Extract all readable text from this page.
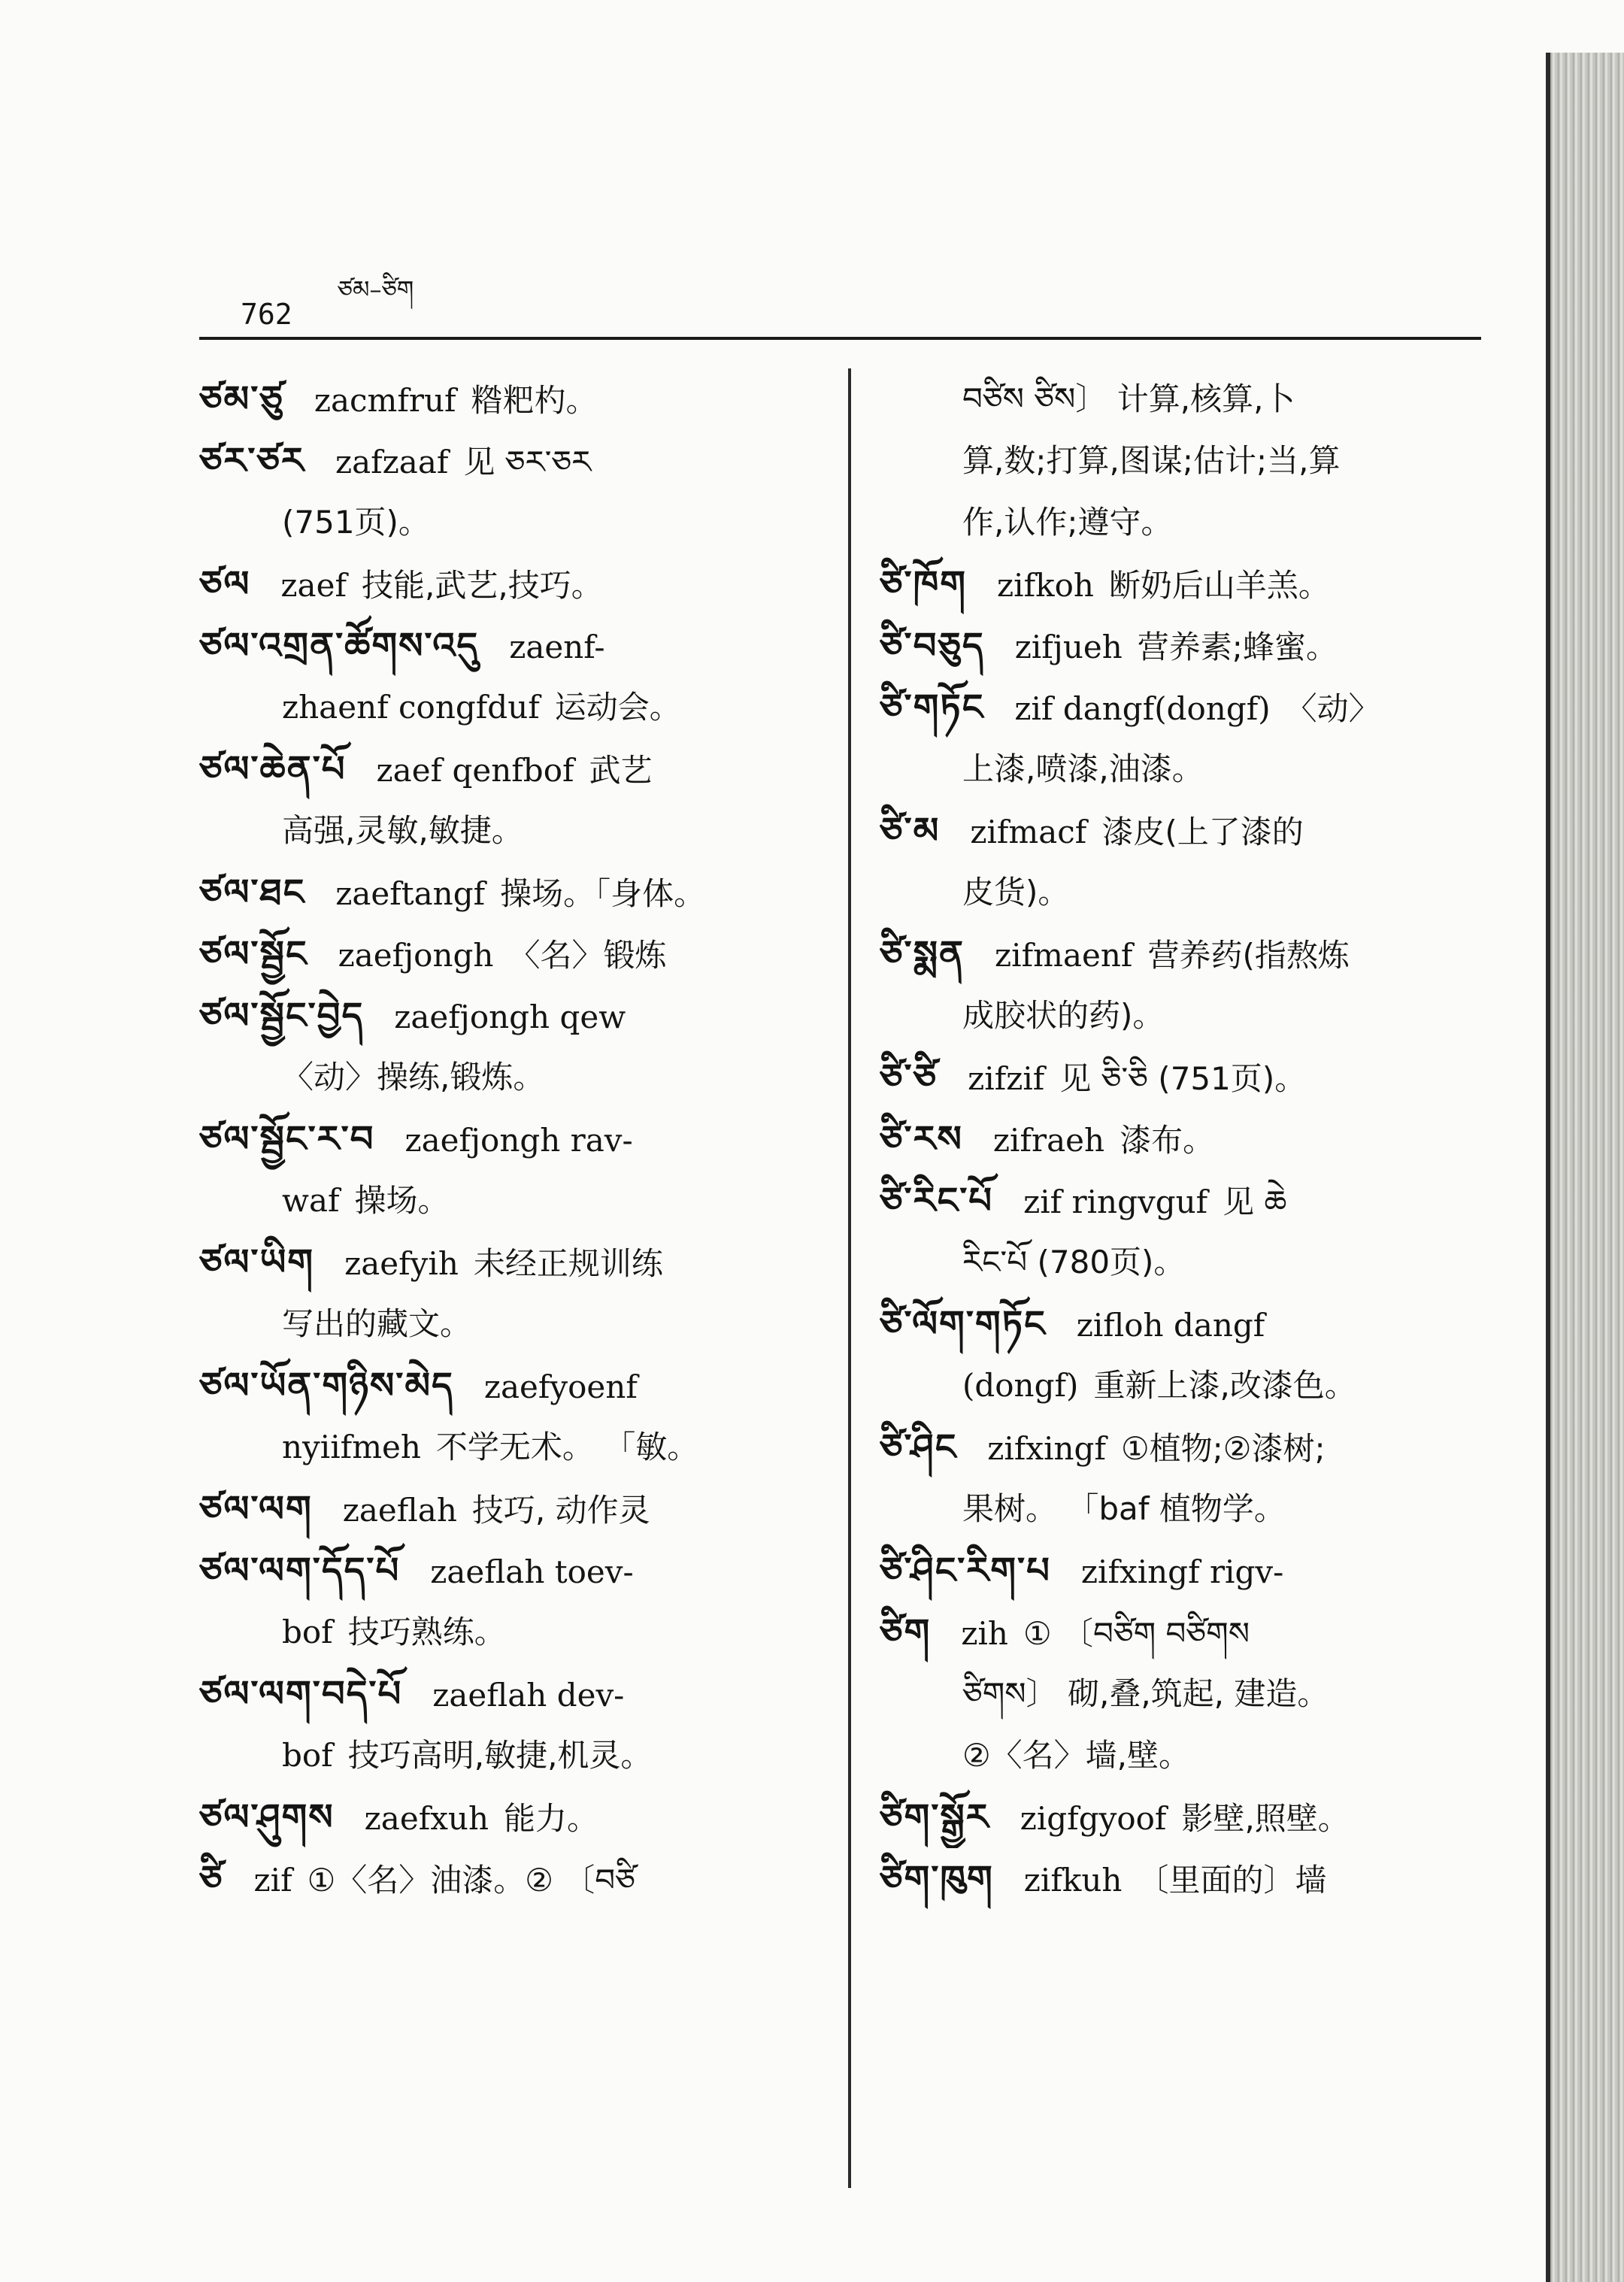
762
ཙམ–ཙིག
ཙམ་ཙུ zacmfruf 糌粑杓。
ཙར་ཙར zafzaaf 见 ཅར་ཅར
(751页)。
ཙལ zaef 技能,武艺,技巧。
ཙལ་འགྲན་ཚོགས་འདུ zaenf-
zhaenf congfduf 运动会。
ཙལ་ཆེན་པོ zaef qenfbof 武艺
高强,灵敏,敏捷。
ཙལ་ཐང zaeftangf 操场。「身体。
ཙལ་སྦྱོང zaefjongh 〈名〉锻炼
ཙལ་སྦྱོང་བྱེད zaefjongh qew
〈动〉操练,锻炼。
ཙལ་སྦྱོང་ར་བ zaefjongh rav-
waf 操场。
ཙལ་ཡིག zaefyih 未经正规训练
写出的藏文。
ཙལ་ཡོན་གཉིས་མེད zaefyoenf
nyiifmeh 不学无术。 「敏。
ཙལ་ལག zaeflah 技巧, 动作灵
ཙལ་ལག་དོད་པོ zaeflah toev-
bof 技巧熟练。
ཙལ་ལག་བདེ་པོ zaeflah dev-
bof 技巧高明,敏捷,机灵。
ཙལ་ཤུགས zaefxuh 能力。
ཙི zif ①〈名〉油漆。② 〔བཙི
བཙིས ཙིས〕 计算,核算,卜
算,数;打算,图谋;估计;当,算
作,认作;遵守。
ཙི་ཁོག zifkoh 断奶后山羊羔。
ཙི་བཅུད zifjueh 营养素;蜂蜜。
ཙི་གཏོང zif dangf(dongf) 〈动〉
上漆,喷漆,油漆。
ཙི་མ zifmacf 漆皮(上了漆的
皮货)。
ཙི་སྨན zifmaenf 营养药(指熬炼
成胶状的药)。
ཙི་ཙི zifzif 见 ཅི་ཅི (751页)。
ཙི་རས zifraeh 漆布。
ཙི་རིང་པོ zif ringvguf 见 ཆེ
རིང་པོ (780页)。
ཙི་ལོག་གཏོང zifloh dangf
(dongf) 重新上漆,改漆色。
ཙི་ཤིང zifxingf ①植物;②漆树;
果树。 「baf 植物学。
ཙི་ཤིང་རིག་པ zifxingf rigv-
ཙིག zih ① 〔བཙིག བཙིགས
ཙིགས〕 砌,叠,筑起, 建造。
②〈名〉墙,壁。
ཙིག་སྒྱོར zigfgyoof 影壁,照壁。
ཙིག་ཁུག zifkuh 〔里面的〕墙
